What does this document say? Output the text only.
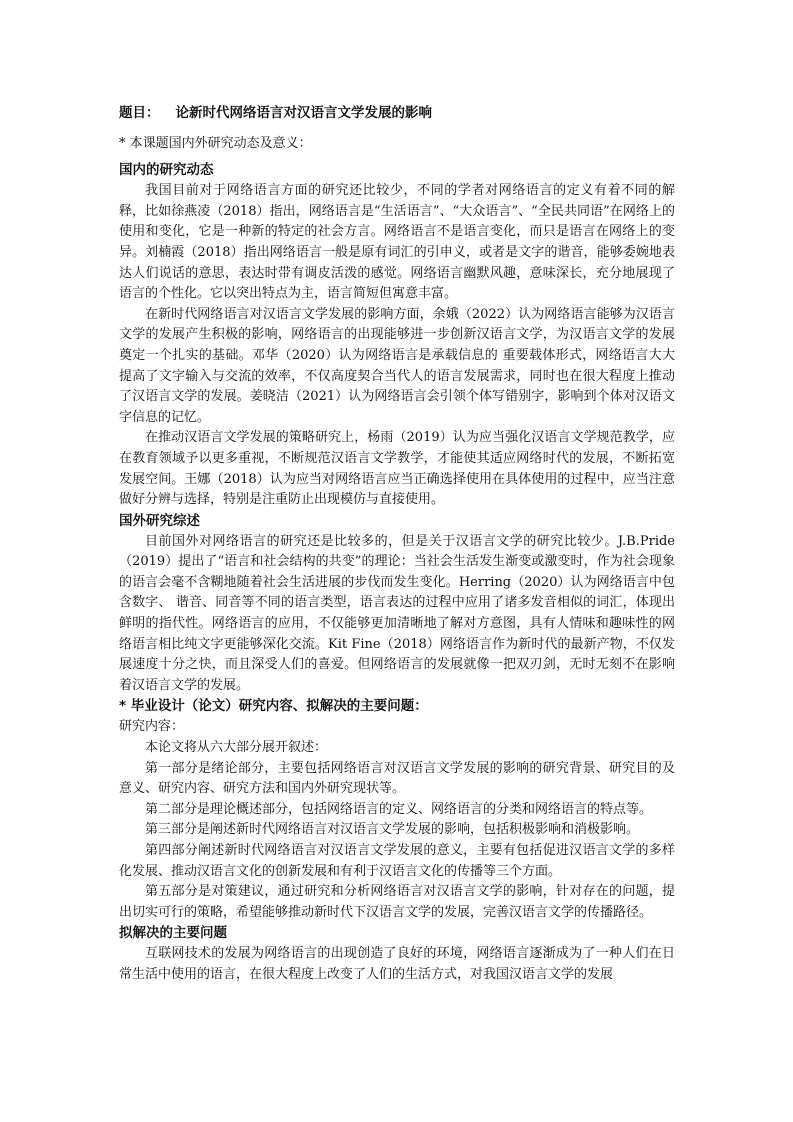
题目： 论新时代网络语言对汉语言文学发展的影响
* 本课题国内外研究动态及意义：
国内的研究动态

我国目前对于网络语言方面的研究还比较少，不同的学者对网络语言的定义有着不同的解释，比如徐燕凌（2018）指出，网络语言是“生活语言”、“大众语言”、“全民共同语”在网络上的使用和变化，它是一种新的特定的社会方言。网络语言不是语言变化，而只是语言在网络上的变异。刘楠霞（2018）指出网络语言一般是原有词汇的引申义，或者是文字的谐音，能够委婉地表达人们说话的意思，表达时带有调皮活泼的感觉。网络语言幽默风趣，意味深长，充分地展现了语言的个性化。它以突出特点为主，语言简短但寓意丰富。

在新时代网络语言对汉语言文学发展的影响方面，余娥（2022）认为网络语言能够为汉语言文学的发展产生积极的影响，网络语言的出现能够进一步创新汉语言文学，为汉语言文学的发展奠定一个扎实的基础。邓华（2020）认为网络语言是承载信息的 重要载体形式，网络语言大大提高了文字输入与交流的效率，不仅高度契合当代人的语言发展需求，同时也在很大程度上推动了汉语言文学的发展。姜晓洁（2021）认为网络语言会引领个体写错别字，影响到个体对汉语文字信息的记忆。

在推动汉语言文学发展的策略研究上，杨雨（2019）认为应当强化汉语言文学规范教学，应在教育领域予以更多重视，不断规范汉语言文学教学，才能使其适应网络时代的发展，不断拓宽发展空间。王娜（2018）认为应当对网络语言应当正确选择使用在具体使用的过程中，应当注意做好分辨与选择，特别是注重防止出现模仿与直接使用。

国外研究综述

目前国外对网络语言的研究还是比较多的，但是关于汉语言文学的研究比较少。J.B.Pride（2019）提出了“语言和社会结构的共变”的理论：当社会生活发生渐变或激变时，作为社会现象的语言会毫不含糊地随着社会生活进展的步伐而发生变化。Herring（2020）认为网络语言中包含数字、 谐音、同音等不同的语言类型，语言表达的过程中应用了诸多发音相似的词汇，体现出鲜明的指代性。网络语言的应用，不仅能够更加清晰地了解对方意图，具有人情味和趣味性的网络语言相比纯文字更能够深化交流。Kit Fine（2018）网络语言作为新时代的最新产物，不仅发展速度十分之快，而且深受人们的喜爱。但网络语言的发展就像一把双刃剑，无时无刻不在影响着汉语言文学的发展。

* 毕业设计（论文）研究内容、拟解决的主要问题：

研究内容：

本论文将从六大部分展开叙述：

第一部分是绪论部分，主要包括网络语言对汉语言文学发展的影响的研究背景、研究目的及意义、研究内容、研究方法和国内外研究现状等。

第二部分是理论概述部分，包括网络语言的定义、网络语言的分类和网络语言的特点等。

第三部分是阐述新时代网络语言对汉语言文学发展的影响，包括积极影响和消极影响。

第四部分阐述新时代网络语言对汉语言文学发展的意义，主要有包括促进汉语言文学的多样化发展、推动汉语言文化的创新发展和有利于汉语言文化的传播等三个方面。

第五部分是对策建议，通过研究和分析网络语言对汉语言文学的影响，针对存在的问题，提出切实可行的策略，希望能够推动新时代下汉语言文学的发展，完善汉语言文学的传播路径。

拟解决的主要问题

互联网技术的发展为网络语言的出现创造了良好的环境，网络语言逐渐成为了一种人们在日常生活中使用的语言，在很大程度上改变了人们的生活方式，对我国汉语言文学的发展
